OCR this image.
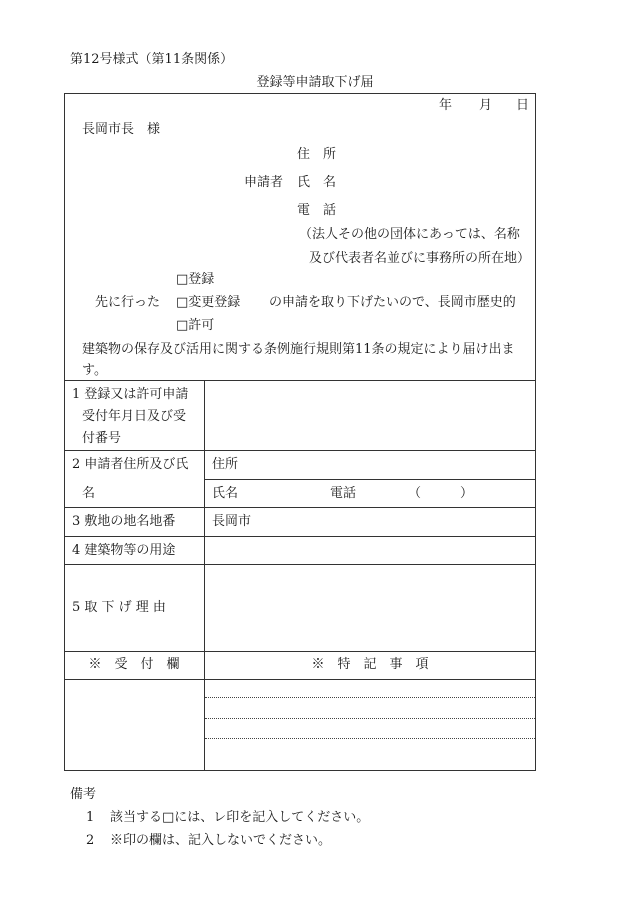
第12号様式（第11条関係）
登録等申請取下げ届
年 月 日
長岡市長　様
住　所
申請者 氏　名
電　話
（法人その他の団体にあっては、名称
及び代表者名並びに事務所の所在地）
□登録
先に行った □変更登録 の申請を取り下げたいので、長岡市歴史的
□許可
建築物の保存及び活用に関する条例施行規則第11条の規定により届け出ま
す。
1 登録又は許可申請
受付年月日及び受
付番号
2 申請者住所及び氏
名
住所
氏名	電話	（　　　）
3 敷地の地名地番	長岡市
4 建築物等の用途
5 取 下 げ 理 由
※　受　付　欄	※　特　記　事　項
備考
1 該当する□には、レ印を記入してください。
2 ※印の欄は、記入しないでください。
